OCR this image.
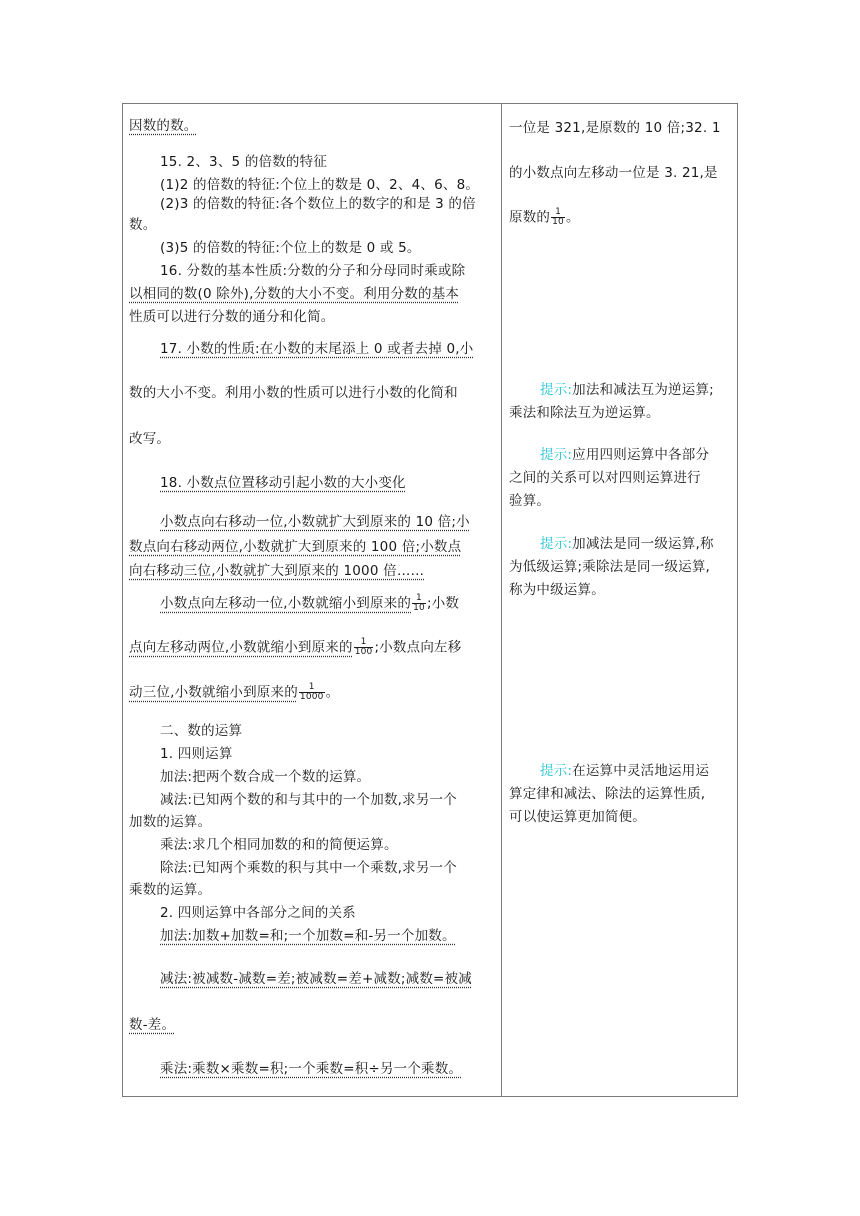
因数的数。
15. 2、3、5 的倍数的特征
(1)2 的倍数的特征:个位上的数是 0、2、4、6、8。
(2)3 的倍数的特征:各个数位上的数字的和是 3 的倍
数。
(3)5 的倍数的特征:个位上的数是 0 或 5。
16. 分数的基本性质:分数的分子和分母同时乘或除
以相同的数(0 除外),分数的大小不变。利用分数的基本
性质可以进行分数的通分和化简。
17. 小数的性质:在小数的末尾添上 0 或者去掉 0,小
数的大小不变。利用小数的性质可以进行小数的化简和
改写。
18. 小数点位置移动引起小数的大小变化
小数点向右移动一位,小数就扩大到原来的 10 倍;小
数点向右移动两位,小数就扩大到原来的 100 倍;小数点
向右移动三位,小数就扩大到原来的 1000 倍……
小数点向左移动一位,小数就缩小到原来的 $\frac{1}{10}$ ;小数
点向左移动两位,小数就缩小到原来的 $\frac{1}{100}$ ;小数点向左移
动三位,小数就缩小到原来的 $\frac{1}{1000}$ 。
二、数的运算
1. 四则运算
加法:把两个数合成一个数的运算。
减法:已知两个数的和与其中的一个加数,求另一个
加数的运算。
乘法:求几个相同加数的和的简便运算。
除法:已知两个乘数的积与其中一个乘数,求另一个
乘数的运算。
2. 四则运算中各部分之间的关系
加法:加数+加数=和;一个加数=和-另一个加数。
减法:被减数-减数=差;被减数=差+减数;减数=被减
数-差。
乘法:乘数×乘数=积;一个乘数=积÷另一个乘数。
一位是 321,是原数的 10 倍;32. 1
的小数点向左移动一位是 3. 21,是
原数的 $\frac{1}{10}$ 。
提示:加法和减法互为逆运算;
乘法和除法互为逆运算。
提示:应用四则运算中各部分
之间的关系可以对四则运算进行
验算。
提示:加减法是同一级运算,称
为低级运算;乘除法是同一级运算,
称为中级运算。
提示:在运算中灵活地运用运
算定律和减法、除法的运算性质,
可以使运算更加简便。
